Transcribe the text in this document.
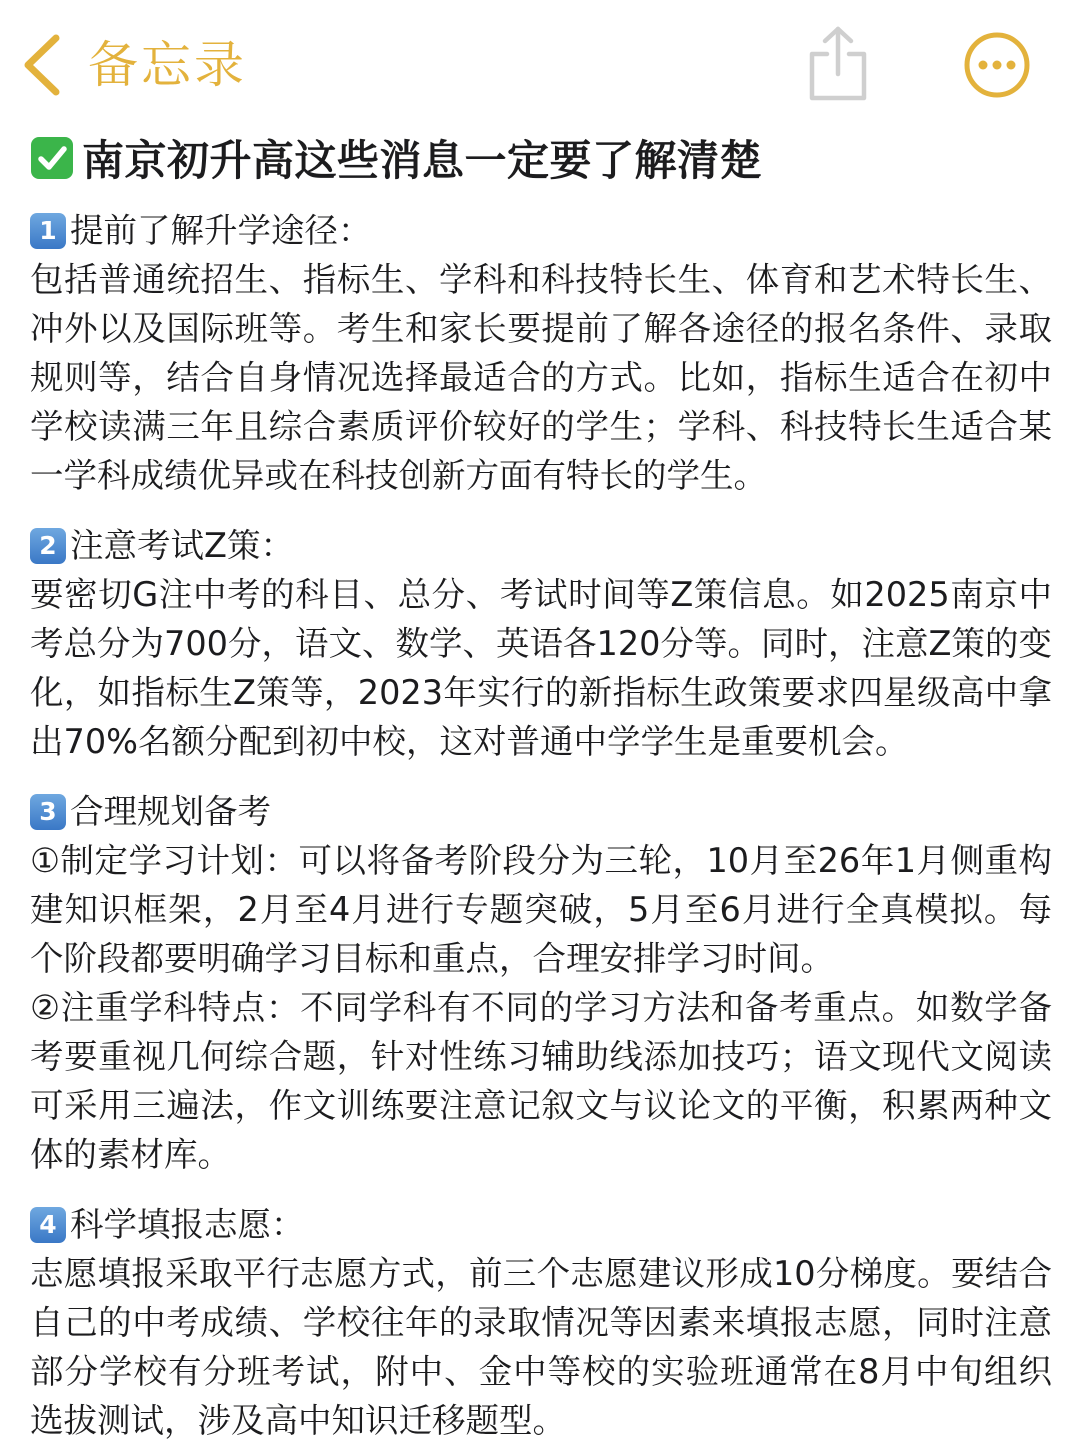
备忘录
南京初升高这些消息一定要了解清楚
1 提前了解升学途径：

包括普通统招生、指标生、学科和科技特长生、体育和艺术特长生、冲外以及国际班等。考生和家长要提前了解各途径的报名条件、录取规则等，结合自身情况选择最适合的方式。比如，指标生适合在初中学校读满三年且综合素质评价较好的学生；学科、科技特长生适合某一学科成绩优异或在科技创新方面有特长的学生。

2 注意考试Z策：

要密切G注中考的科目、总分、考试时间等Z策信息。如2025南京中考总分为700分，语文、数学、英语各120分等。同时，注意Z策的变化，如指标生Z策等，2023年实行的新指标生政策要求四星级高中拿出70%名额分配到初中校，这对普通中学学生是重要机会。

3 合理规划备考

①制定学习计划：可以将备考阶段分为三轮，10月至26年1月侧重构建知识框架，2月至4月进行专题突破，5月至6月进行全真模拟。每个阶段都要明确学习目标和重点，合理安排学习时间。

②注重学科特点：不同学科有不同的学习方法和备考重点。如数学备考要重视几何综合题，针对性练习辅助线添加技巧；语文现代文阅读可采用三遍法，作文训练要注意记叙文与议论文的平衡，积累两种文体的素材库。

4 科学填报志愿：

志愿填报采取平行志愿方式，前三个志愿建议形成10分梯度。要结合自己的中考成绩、学校往年的录取情况等因素来填报志愿，同时注意部分学校有分班考试，附中、金中等校的实验班通常在8月中旬组织选拔测试，涉及高中知识迁移题型。
